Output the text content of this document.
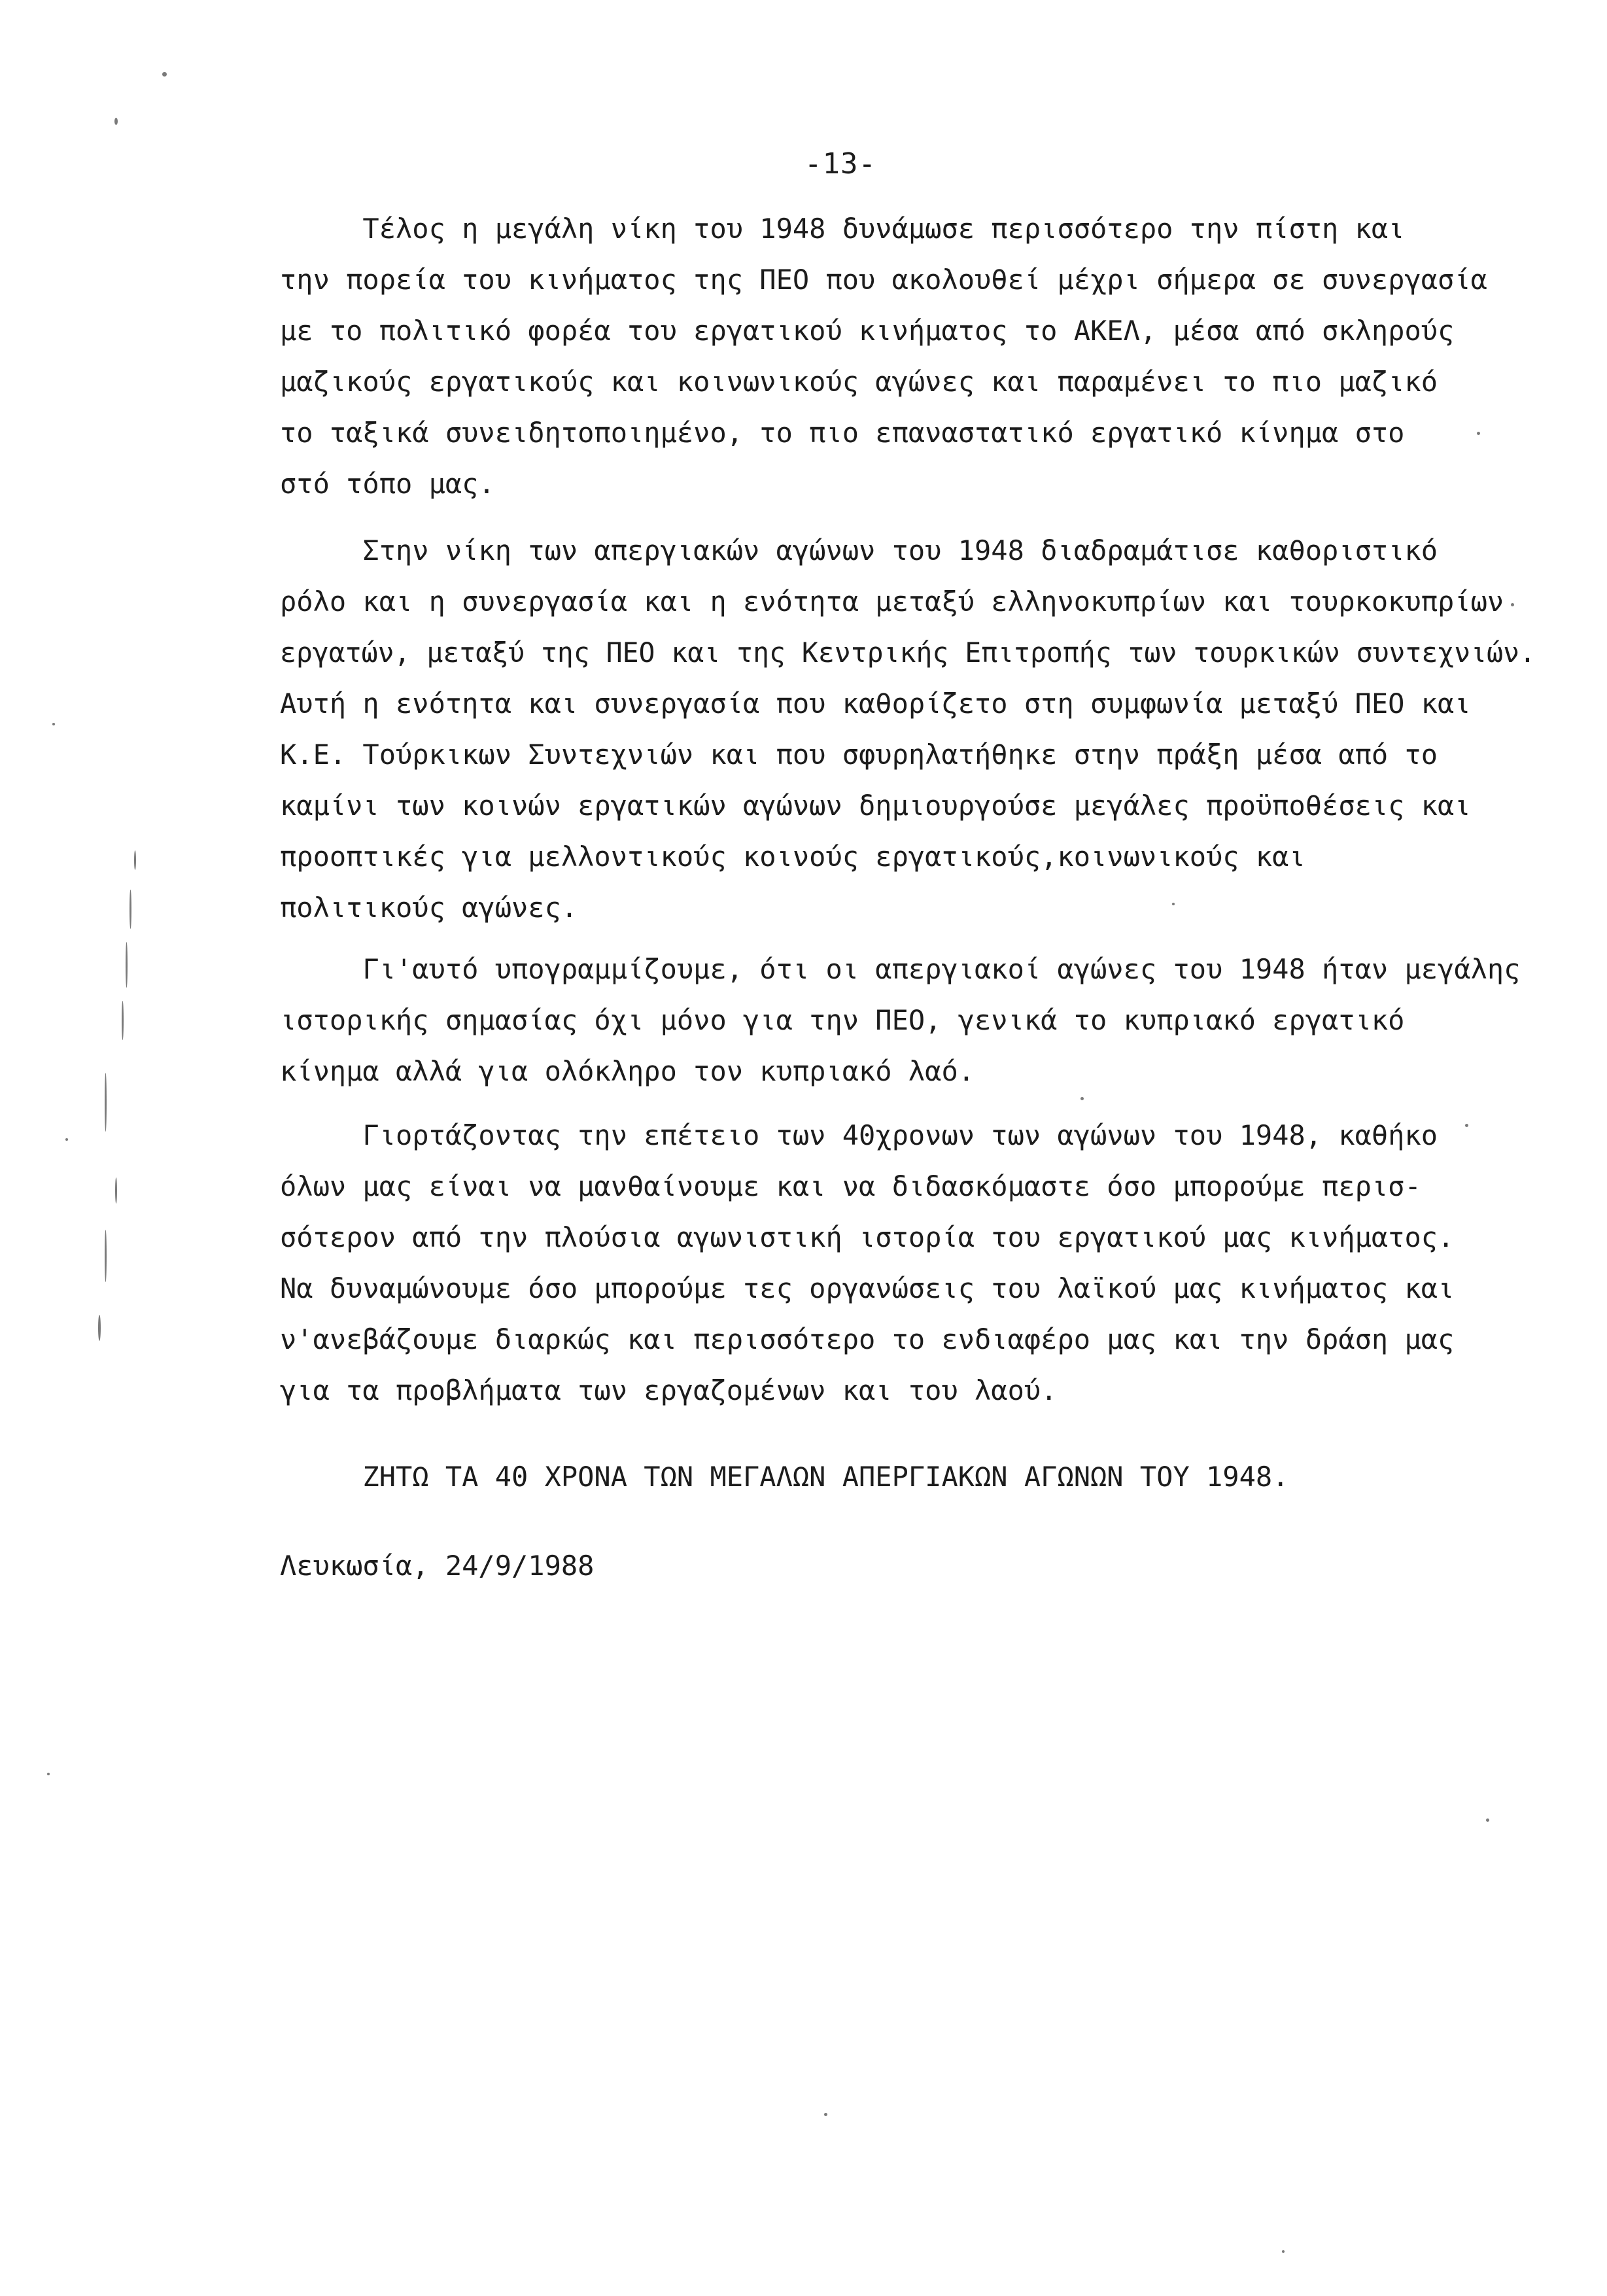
-13-
Τέλος η μεγάλη νίκη του 1948 δυνάμωσε περισσότερο την πίστη και
την πορεία του κινήματος της ΠΕΟ που ακολουθεί μέχρι σήμερα σε συνεργασία
με το πολιτικό φορέα του εργατικού κινήματος το ΑΚΕΛ, μέσα από σκληρούς
μαζικούς εργατικούς και κοινωνικούς αγώνες και παραμένει το πιο μαζικό
το ταξικά συνειδητοποιημένο, το πιο επαναστατικό εργατικό κίνημα στο
στό τόπο μας.
Στην νίκη των απεργιακών αγώνων του 1948 διαδραμάτισε καθοριστικό
ρόλο και η συνεργασία και η ενότητα μεταξύ ελληνοκυπρίων και τουρκοκυπρίων
εργατών, μεταξύ της ΠΕΟ και της Κεντρικής Επιτροπής των τουρκικών συντεχνιών.
Αυτή η ενότητα και συνεργασία που καθορίζετο στη συμφωνία μεταξύ ΠΕΟ και
Κ.Ε. Τούρκικων Συντεχνιών και που σφυρηλατήθηκε στην πράξη μέσα από το
καμίνι των κοινών εργατικών αγώνων δημιουργούσε μεγάλες προϋποθέσεις και
προοπτικές για μελλοντικούς κοινούς εργατικούς,κοινωνικούς και
πολιτικούς αγώνες.
Γι'αυτό υπογραμμίζουμε, ότι οι απεργιακοί αγώνες του 1948 ήταν μεγάλης
ιστορικής σημασίας όχι μόνο για την ΠΕΟ, γενικά το κυπριακό εργατικό
κίνημα αλλά για ολόκληρο τον κυπριακό λαό.
Γιορτάζοντας την επέτειο των 40χρονων των αγώνων του 1948, καθήκο
όλων μας είναι να μανθαίνουμε και να διδασκόμαστε όσο μπορούμε περισ-
σότερον από την πλούσια αγωνιστική ιστορία του εργατικού μας κινήματος.
Να δυναμώνουμε όσο μπορούμε τες οργανώσεις του λαϊκού μας κινήματος και
ν'ανεβάζουμε διαρκώς και περισσότερο το ενδιαφέρο μας και την δράση μας
για τα προβλήματα των εργαζομένων και του λαού.
ΖΗΤΩ ΤΑ 40 ΧΡΟΝΑ ΤΩΝ ΜΕΓΑΛΩΝ ΑΠΕΡΓΙΑΚΩΝ ΑΓΩΝΩΝ ΤΟΥ 1948.
Λευκωσία, 24/9/1988
